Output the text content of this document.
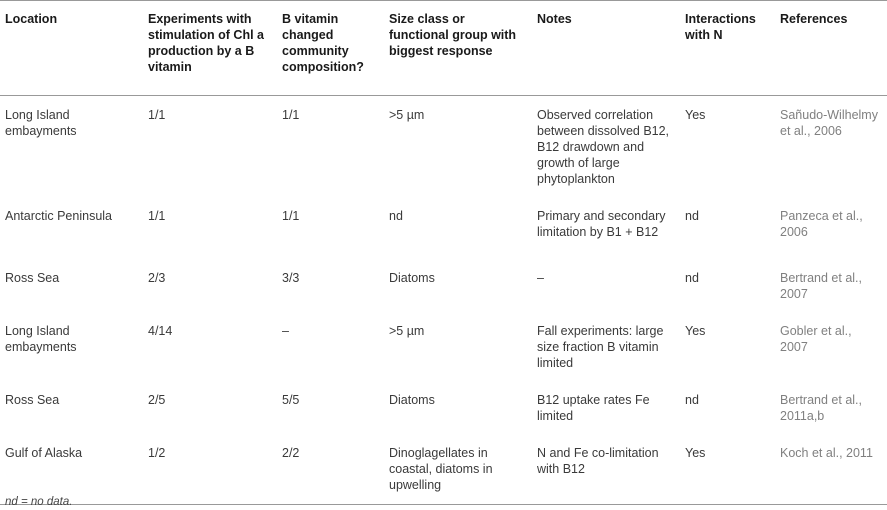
Location	Experiments with stimulation of Chl a production by a B vitamin	B vitamin changed community composition?	Size class or functional group with biggest response	Notes	Interactions with N	References
Long Island embayments	1/1	1/1	>5 µm	Observed correlation between dissolved B12, B12 drawdown and growth of large phytoplankton	Yes	Sañudo-Wilhelmy et al., 2006
Antarctic Peninsula	1/1	1/1	nd	Primary and secondary limitation by B1 + B12	nd	Panzeca et al., 2006
Ross Sea	2/3	3/3	Diatoms	–	nd	Bertrand et al., 2007
Long Island embayments	4/14	–	>5 µm	Fall experiments: large size fraction B vitamin limited	Yes	Gobler et al., 2007
Ross Sea	2/5	5/5	Diatoms	B12 uptake rates Fe limited	nd	Bertrand et al., 2011a,b
Gulf of Alaska	1/2	2/2	Dinoglagellates in coastal, diatoms in upwelling	N and Fe co-limitation with B12	Yes	Koch et al., 2011
nd = no data.
